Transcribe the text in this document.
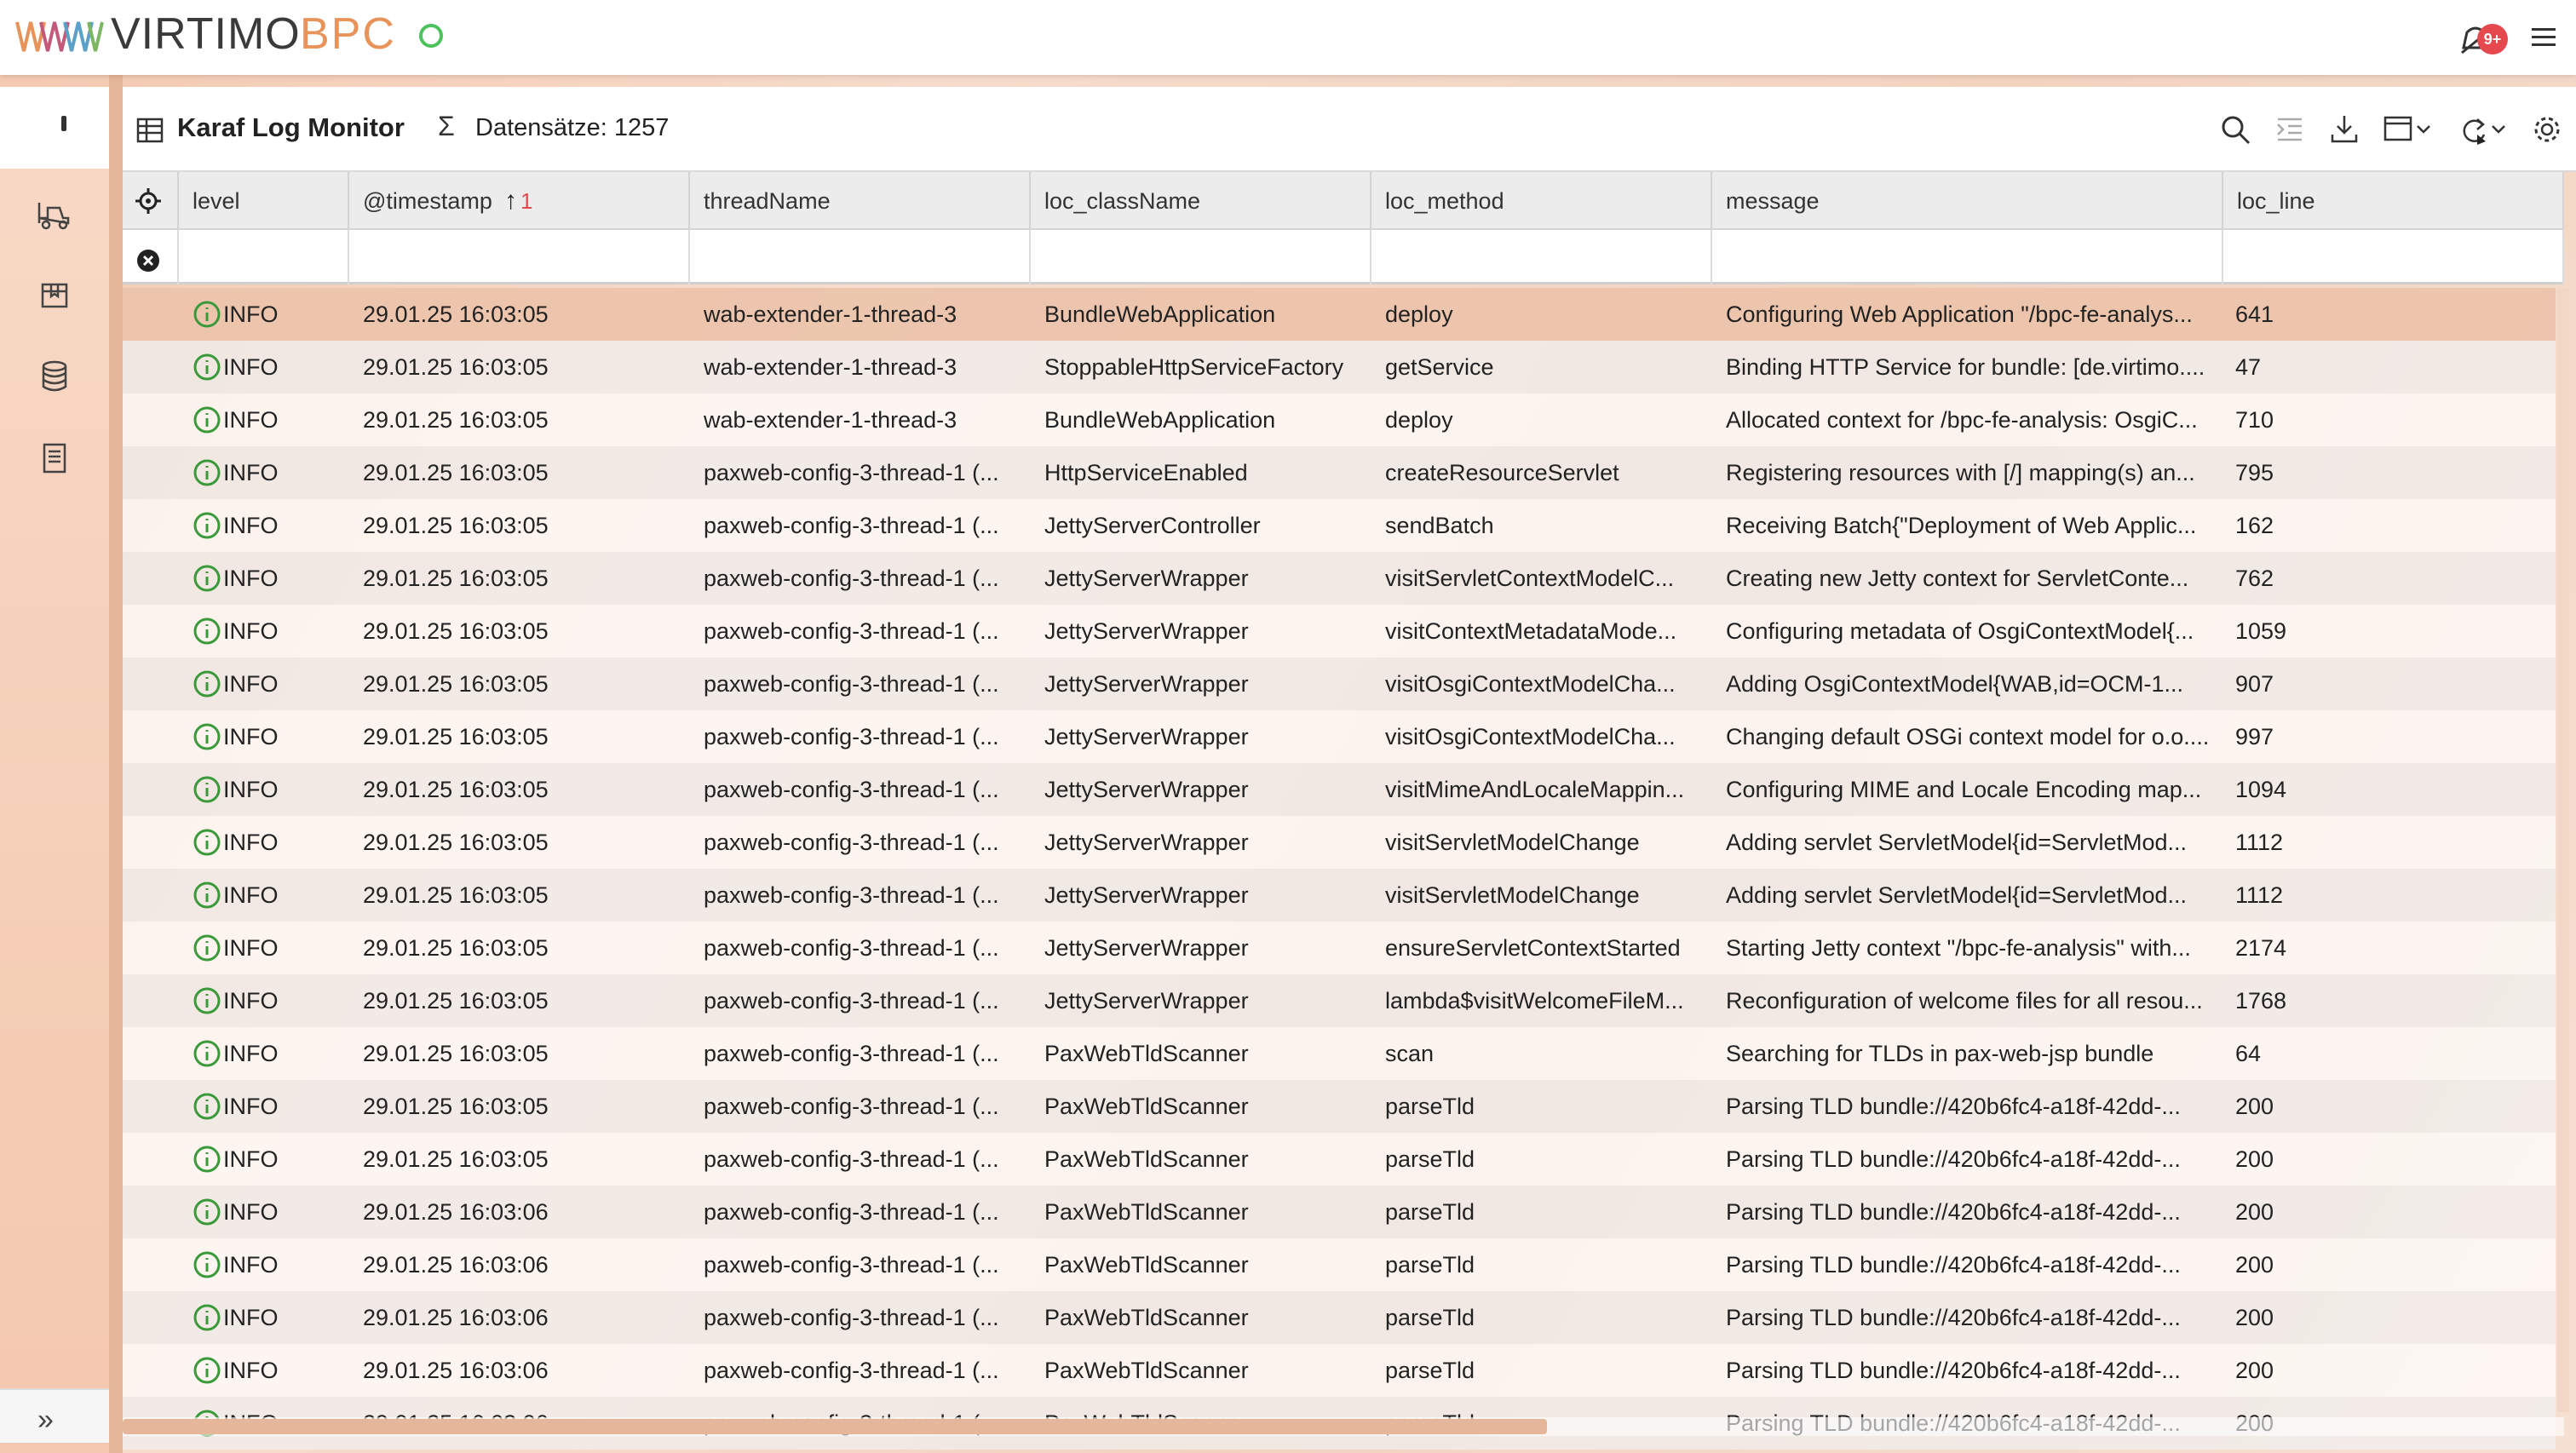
VIRTIMO BPC	9+
»
Karaf Log Monitor Σ Datensätze: 1257
level	@timestamp ↑ 1	threadName	loc_className	loc_method	message	loc_line
INFO	29.01.25 16:03:05	wab-extender-1-thread-3	BundleWebApplication	deploy	Configuring Web Application "/bpc-fe-analys...	641
INFO	29.01.25 16:03:05	wab-extender-1-thread-3	StoppableHttpServiceFactory	getService	Binding HTTP Service for bundle: [de.virtimo....	47
INFO	29.01.25 16:03:05	wab-extender-1-thread-3	BundleWebApplication	deploy	Allocated context for /bpc-fe-analysis: OsgiC...	710
INFO	29.01.25 16:03:05	paxweb-config-3-thread-1 (...	HttpServiceEnabled	createResourceServlet	Registering resources with [/] mapping(s) an...	795
INFO	29.01.25 16:03:05	paxweb-config-3-thread-1 (...	JettyServerController	sendBatch	Receiving Batch{"Deployment of Web Applic...	162
INFO	29.01.25 16:03:05	paxweb-config-3-thread-1 (...	JettyServerWrapper	visitServletContextModelC...	Creating new Jetty context for ServletConte...	762
INFO	29.01.25 16:03:05	paxweb-config-3-thread-1 (...	JettyServerWrapper	visitContextMetadataMode...	Configuring metadata of OsgiContextModel{...	1059
INFO	29.01.25 16:03:05	paxweb-config-3-thread-1 (...	JettyServerWrapper	visitOsgiContextModelCha...	Adding OsgiContextModel{WAB,id=OCM-1...	907
INFO	29.01.25 16:03:05	paxweb-config-3-thread-1 (...	JettyServerWrapper	visitOsgiContextModelCha...	Changing default OSGi context model for o.o....	997
INFO	29.01.25 16:03:05	paxweb-config-3-thread-1 (...	JettyServerWrapper	visitMimeAndLocaleMappin...	Configuring MIME and Locale Encoding map...	1094
INFO	29.01.25 16:03:05	paxweb-config-3-thread-1 (...	JettyServerWrapper	visitServletModelChange	Adding servlet ServletModel{id=ServletMod...	1112
INFO	29.01.25 16:03:05	paxweb-config-3-thread-1 (...	JettyServerWrapper	visitServletModelChange	Adding servlet ServletModel{id=ServletMod...	1112
INFO	29.01.25 16:03:05	paxweb-config-3-thread-1 (...	JettyServerWrapper	ensureServletContextStarted	Starting Jetty context "/bpc-fe-analysis" with...	2174
INFO	29.01.25 16:03:05	paxweb-config-3-thread-1 (...	JettyServerWrapper	lambda$visitWelcomeFileM...	Reconfiguration of welcome files for all resou...	1768
INFO	29.01.25 16:03:05	paxweb-config-3-thread-1 (...	PaxWebTldScanner	scan	Searching for TLDs in pax-web-jsp bundle	64
INFO	29.01.25 16:03:05	paxweb-config-3-thread-1 (...	PaxWebTldScanner	parseTld	Parsing TLD bundle://420b6fc4-a18f-42dd-...	200
INFO	29.01.25 16:03:05	paxweb-config-3-thread-1 (...	PaxWebTldScanner	parseTld	Parsing TLD bundle://420b6fc4-a18f-42dd-...	200
INFO	29.01.25 16:03:06	paxweb-config-3-thread-1 (...	PaxWebTldScanner	parseTld	Parsing TLD bundle://420b6fc4-a18f-42dd-...	200
INFO	29.01.25 16:03:06	paxweb-config-3-thread-1 (...	PaxWebTldScanner	parseTld	Parsing TLD bundle://420b6fc4-a18f-42dd-...	200
INFO	29.01.25 16:03:06	paxweb-config-3-thread-1 (...	PaxWebTldScanner	parseTld	Parsing TLD bundle://420b6fc4-a18f-42dd-...	200
INFO	29.01.25 16:03:06	paxweb-config-3-thread-1 (...	PaxWebTldScanner	parseTld	Parsing TLD bundle://420b6fc4-a18f-42dd-...	200
